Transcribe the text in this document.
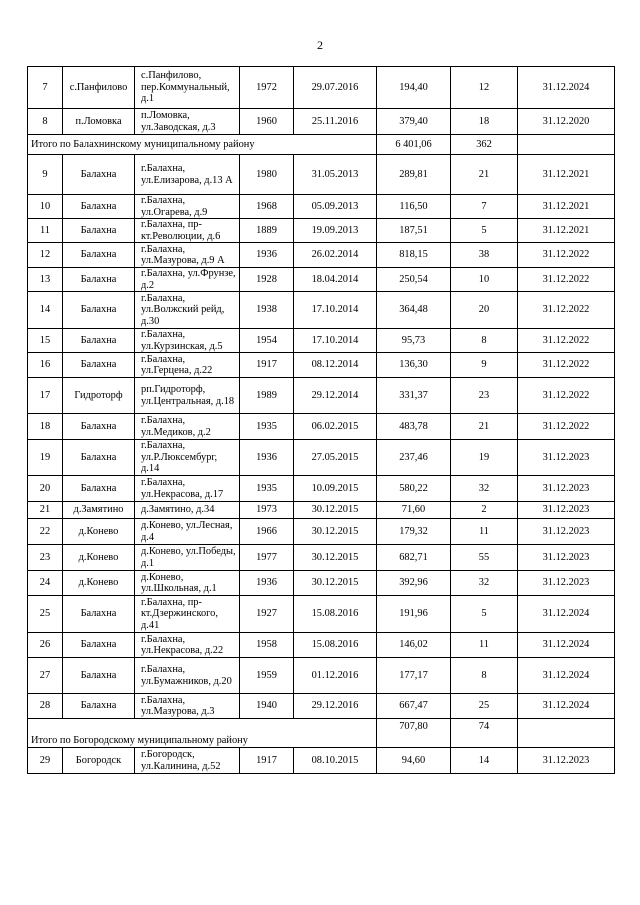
2
7	с.Панфилово	с.Панфилово, пер.Коммунальный, д.1	1972	29.07.2016	194,40	12	31.12.2024
8	п.Ломовка	п.Ломовка, ул.Заводская, д.3	1960	25.11.2016	379,40	18	31.12.2020
Итого по Балахнинскому муниципальному району					6 401,06	362	
9	Балахна	г.Балахна, ул.Елизарова, д.13 А	1980	31.05.2013	289,81	21	31.12.2021
10	Балахна	г.Балахна, ул.Огарева, д.9	1968	05.09.2013	116,50	7	31.12.2021
11	Балахна	г.Балахна, пр-кт.Революции, д.6	1889	19.09.2013	187,51	5	31.12.2021
12	Балахна	г.Балахна, ул.Мазурова, д.9 А	1936	26.02.2014	818,15	38	31.12.2022
13	Балахна	г.Балахна, ул.Фрунзе, д.2	1928	18.04.2014	250,54	10	31.12.2022
14	Балахна	г.Балахна, ул.Волжский рейд, д.30	1938	17.10.2014	364,48	20	31.12.2022
15	Балахна	г.Балахна, ул.Курзинская, д.5	1954	17.10.2014	95,73	8	31.12.2022
16	Балахна	г.Балахна, ул.Герцена, д.22	1917	08.12.2014	136,30	9	31.12.2022
17	Гидроторф	рп.Гидроторф, ул.Центральная, д.18	1989	29.12.2014	331,37	23	31.12.2022
18	Балахна	г.Балахна, ул.Медиков, д.2	1935	06.02.2015	483,78	21	31.12.2022
19	Балахна	г.Балахна, ул.Р.Люксембург, д.14	1936	27.05.2015	237,46	19	31.12.2023
20	Балахна	г.Балахна, ул.Некрасова, д.17	1935	10.09.2015	580,22	32	31.12.2023
21	д.Замятино	д.Замятино, д.34	1973	30.12.2015	71,60	2	31.12.2023
22	д.Конево	д.Конево, ул.Лесная, д.4	1966	30.12.2015	179,32	11	31.12.2023
23	д.Конево	д.Конево, ул.Победы, д.1	1977	30.12.2015	682,71	55	31.12.2023
24	д.Конево	д.Конево, ул.Школьная, д.1	1936	30.12.2015	392,96	32	31.12.2023
25	Балахна	г.Балахна, пр-кт.Дзержинского, д.41	1927	15.08.2016	191,96	5	31.12.2024
26	Балахна	г.Балахна, ул.Некрасова, д.22	1958	15.08.2016	146,02	11	31.12.2024
27	Балахна	г.Балахна, ул.Бумажников, д.20	1959	01.12.2016	177,17	8	31.12.2024
28	Балахна	г.Балахна, ул.Мазурова, д.3	1940	29.12.2016	667,47	25	31.12.2024
Итого по Богородскому муниципальному району					707,80	74	
29	Богородск	г.Богородск, ул.Калинина, д.52	1917	08.10.2015	94,60	14	31.12.2023
